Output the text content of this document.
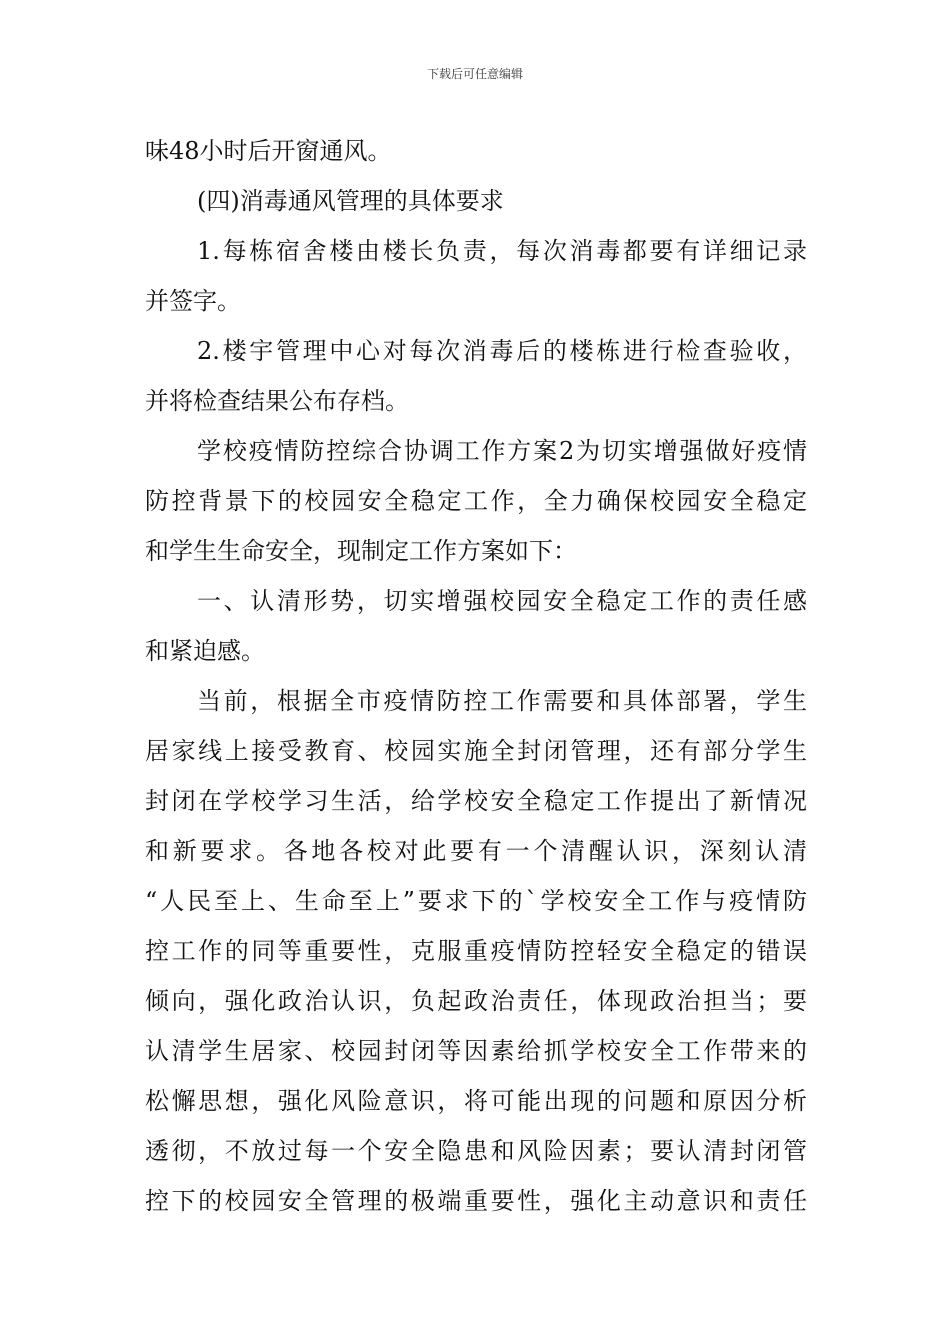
下载后可任意编辑
味48小时后开窗通风。
(四)消毒通风管理的具体要求
1.每栋宿舍楼由楼长负责，每次消毒都要有详细记录
并签字。
2.楼宇管理中心对每次消毒后的楼栋进行检查验收，
并将检查结果公布存档。
学校疫情防控综合协调工作方案2为切实增强做好疫情
防控背景下的校园安全稳定工作，全力确保校园安全稳定
和学生生命安全，现制定工作方案如下：
一、认清形势，切实增强校园安全稳定工作的责任感
和紧迫感。
当前，根据全市疫情防控工作需要和具体部署，学生
居家线上接受教育、校园实施全封闭管理，还有部分学生
封闭在学校学习生活，给学校安全稳定工作提出了新情况
和新要求。各地各校对此要有一个清醒认识，深刻认清
“人民至上、生命至上”要求下的`学校安全工作与疫情防
控工作的同等重要性，克服重疫情防控轻安全稳定的错误
倾向，强化政治认识，负起政治责任，体现政治担当；要
认清学生居家、校园封闭等因素给抓学校安全工作带来的
松懈思想，强化风险意识，将可能出现的问题和原因分析
透彻，不放过每一个安全隐患和风险因素；要认清封闭管
控下的校园安全管理的极端重要性，强化主动意识和责任
